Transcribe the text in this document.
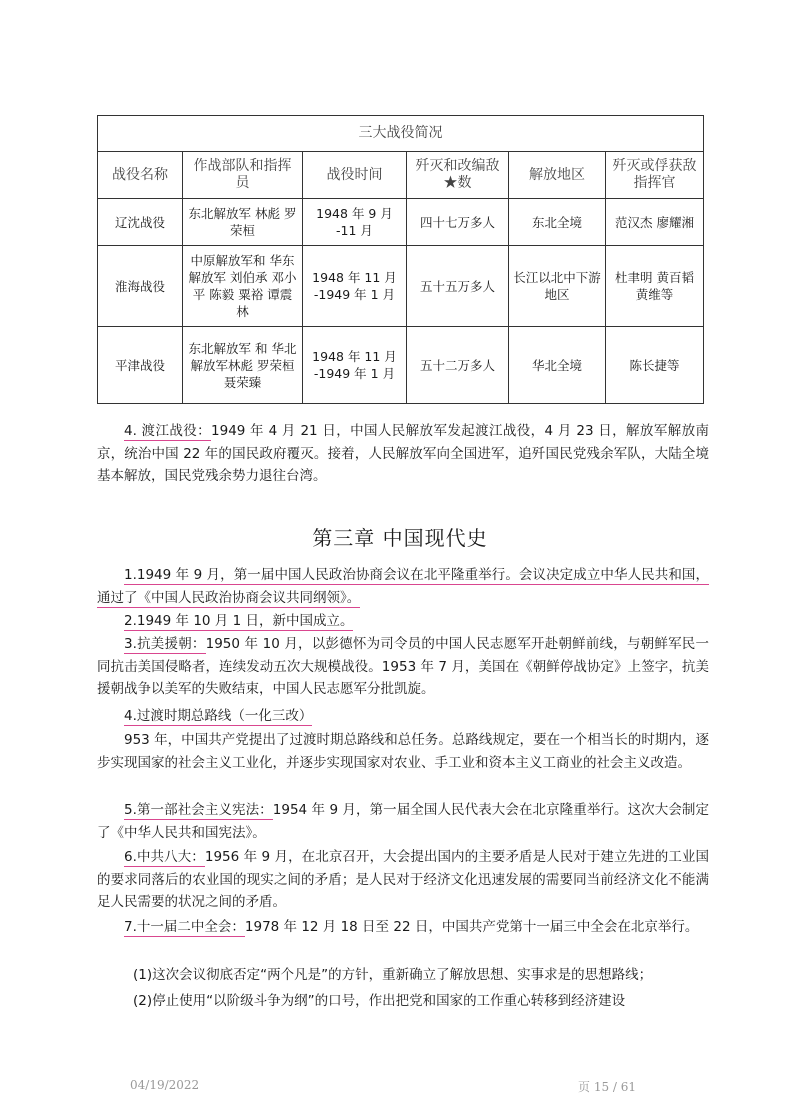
三大战役简况					
战役名称	作战部队和指挥员	战役时间	歼灭和改编敌★数	解放地区	歼灭或俘获敌指挥官
辽沈战役	东北解放军 林彪 罗荣桓	1948 年 9 月 -11 月	四十七万多人	东北全境	范汉杰 廖耀湘
淮海战役	中原解放军和 华东解放军 刘伯承 邓小平 陈毅 粟裕 谭震林	1948 年 11 月 -1949 年 1 月	五十五万多人	长江以北中下游地区	杜聿明 黄百韬 黄维等
平津战役	东北解放军 和 华北解放军林彪 罗荣桓 聂荣臻	1948 年 11 月 -1949 年 1 月	五十二万多人	华北全境	陈长捷等
4. 渡江战役：1949 年 4 月 21 日，中国人民解放军发起渡江战役，4 月 23 日，解放军解放南京，统治中国 22 年的国民政府覆灭。接着，人民解放军向全国进军，追歼国民党残余军队，大陆全境基本解放，国民党残余势力退往台湾。
第三章 中国现代史
1.1949 年 9 月，第一届中国人民政治协商会议在北平隆重举行。会议决定成立中华人民共和国，通过了《中国人民政治协商会议共同纲领》。
2.1949 年 10 月 1 日，新中国成立。
3.抗美援朝：1950 年 10 月，以彭德怀为司令员的中国人民志愿军开赴朝鲜前线，与朝鲜军民一同抗击美国侵略者，连续发动五次大规模战役。1953 年 7 月，美国在《朝鲜停战协定》上签字，抗美援朝战争以美军的失败结束，中国人民志愿军分批凯旋。
4.过渡时期总路线（一化三改）
953 年，中国共产党提出了过渡时期总路线和总任务。总路线规定，要在一个相当长的时期内，逐步实现国家的社会主义工业化，并逐步实现国家对农业、手工业和资本主义工商业的社会主义改造。
5.第一部社会主义宪法：1954 年 9 月，第一届全国人民代表大会在北京隆重举行。这次大会制定了《中华人民共和国宪法》。
6.中共八大：1956 年 9 月，在北京召开，大会提出国内的主要矛盾是人民对于建立先进的工业国的要求同落后的农业国的现实之间的矛盾；是人民对于经济文化迅速发展的需要同当前经济文化不能满足人民需要的状况之间的矛盾。
7.十一届二中全会：1978 年 12 月 18 日至 22 日，中国共产党第十一届三中全会在北京举行。
(1)这次会议彻底否定“两个凡是”的方针，重新确立了解放思想、实事求是的思想路线；
(2)停止使用“以阶级斗争为纲”的口号，作出把党和国家的工作重心转移到经济建设
04/19/2022	页 15 / 61
